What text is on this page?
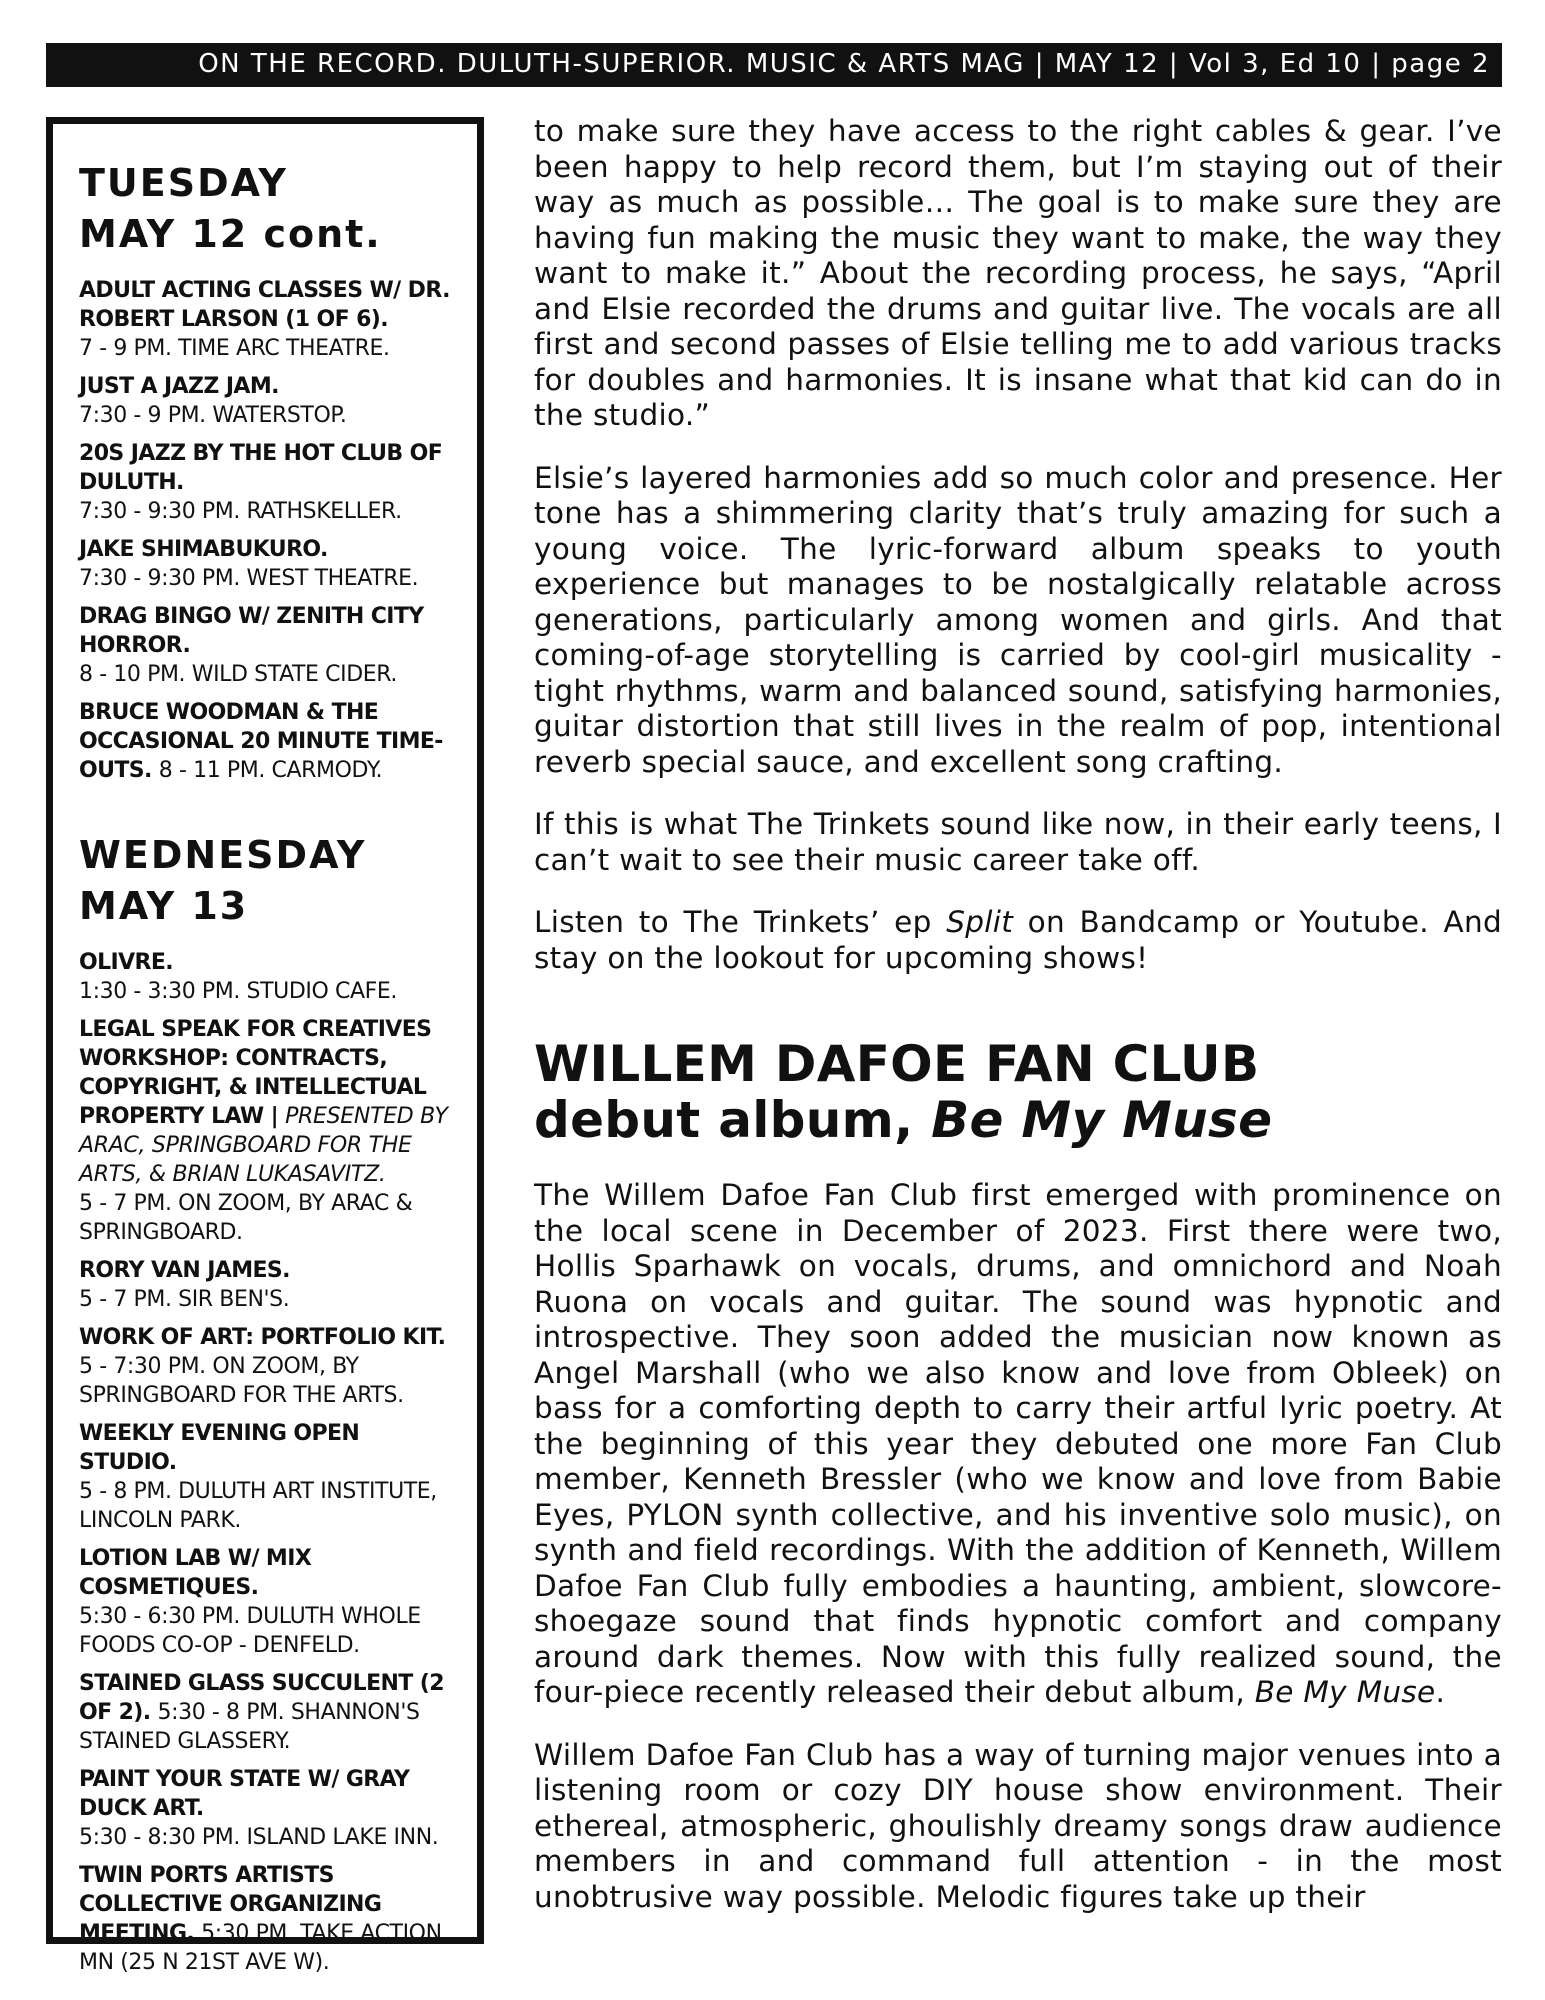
ON THE RECORD. DULUTH-SUPERIOR. MUSIC & ARTS MAG | MAY 12 | Vol 3, Ed 10 | page 2
TUESDAY
MAY 12 cont.
ADULT ACTING CLASSES W/ DR. ROBERT LARSON (1 OF 6).
7 - 9 PM. TIME ARC THEATRE.
JUST A JAZZ JAM.
7:30 - 9 PM. WATERSTOP.
20S JAZZ BY THE HOT CLUB OF DULUTH.
7:30 - 9:30 PM. RATHSKELLER.
JAKE SHIMABUKURO.
7:30 - 9:30 PM. WEST THEATRE.
DRAG BINGO W/ ZENITH CITY HORROR.
8 - 10 PM. WILD STATE CIDER.
BRUCE WOODMAN & THE OCCASIONAL 20 MINUTE TIME-OUTS. 8 - 11 PM. CARMODY.
WEDNESDAY
MAY 13
OLIVRE.
1:30 - 3:30 PM. STUDIO CAFE.
LEGAL SPEAK FOR CREATIVES WORKSHOP: CONTRACTS, COPYRIGHT, & INTELLECTUAL PROPERTY LAW | PRESENTED BY ARAC, SPRINGBOARD FOR THE ARTS, & BRIAN LUKASAVITZ.
5 - 7 PM. ON ZOOM, BY ARAC & SPRINGBOARD.
RORY VAN JAMES.
5 - 7 PM. SIR BEN'S.
WORK OF ART: PORTFOLIO KIT.
5 - 7:30 PM. ON ZOOM, BY SPRINGBOARD FOR THE ARTS.
WEEKLY EVENING OPEN STUDIO.
5 - 8 PM. DULUTH ART INSTITUTE, LINCOLN PARK.
LOTION LAB W/ MIX COSMETIQUES.
5:30 - 6:30 PM. DULUTH WHOLE FOODS CO-OP - DENFELD.
STAINED GLASS SUCCULENT (2 OF 2). 5:30 - 8 PM. SHANNON'S STAINED GLASSERY.
PAINT YOUR STATE W/ GRAY DUCK ART.
5:30 - 8:30 PM. ISLAND LAKE INN.
TWIN PORTS ARTISTS COLLECTIVE ORGANIZING MEETING. 5:30 PM. TAKE ACTION MN (25 N 21ST AVE W).

to make sure they have access to the right cables & gear. I’ve been happy to help record them, but I’m staying out of their way as much as possible… The goal is to make sure they are having fun making the music they want to make, the way they want to make it.” About the recording process, he says, “April and Elsie recorded the drums and guitar live. The vocals are all first and second passes of Elsie telling me to add various tracks for doubles and harmonies. It is insane what that kid can do in the studio.”

Elsie’s layered harmonies add so much color and presence. Her tone has a shimmering clarity that’s truly amazing for such a young voice. The lyric-forward album speaks to youth experience but manages to be nostalgically relatable across generations, particularly among women and girls. And that coming-of-age storytelling is carried by cool-girl musicality - tight rhythms, warm and balanced sound, satisfying harmonies, guitar distortion that still lives in the realm of pop, intentional reverb special sauce, and excellent song crafting.

If this is what The Trinkets sound like now, in their early teens, I can’t wait to see their music career take off.

Listen to The Trinkets’ ep Split on Bandcamp or Youtube. And stay on the lookout for upcoming shows!

WILLEM DAFOE FAN CLUB
debut album, Be My Muse

The Willem Dafoe Fan Club first emerged with prominence on the local scene in December of 2023. First there were two, Hollis Sparhawk on vocals, drums, and omnichord and Noah Ruona on vocals and guitar. The sound was hypnotic and introspective. They soon added the musician now known as Angel Marshall (who we also know and love from Obleek) on bass for a comforting depth to carry their artful lyric poetry. At the beginning of this year they debuted one more Fan Club member, Kenneth Bressler (who we know and love from Babie Eyes, PYLON synth collective, and his inventive solo music), on synth and field recordings. With the addition of Kenneth, Willem Dafoe Fan Club fully embodies a haunting, ambient, slowcore-shoegaze sound that finds hypnotic comfort and company around dark themes. Now with this fully realized sound, the four-piece recently released their debut album, Be My Muse.

Willem Dafoe Fan Club has a way of turning major venues into a listening room or cozy DIY house show environment. Their ethereal, atmospheric, ghoulishly dreamy songs draw audience members in and command full attention - in the most unobtrusive way possible. Melodic figures take up their
